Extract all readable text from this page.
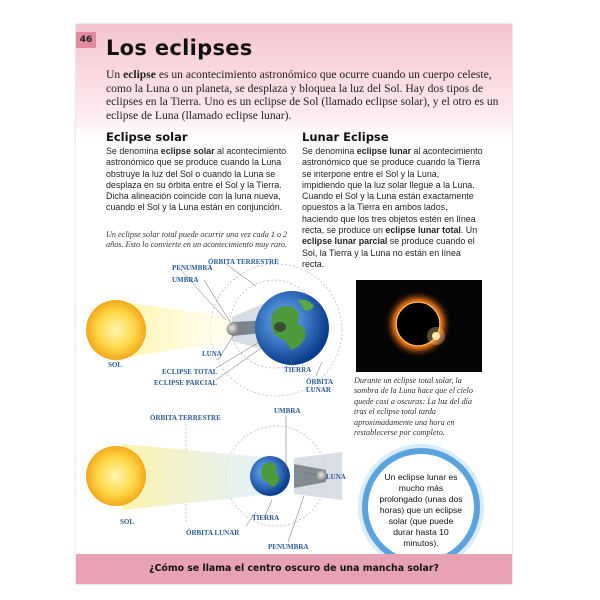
46 Los eclipses
Un eclipse es un acontecimiento astronómico que ocurre cuando un cuerpo celeste, como la Luna o un planeta, se desplaza y bloquea la luz del Sol. Hay dos tipos de eclipses en la Tierra. Uno es un eclipse de Sol (llamado eclipse solar), y el otro es un eclipse de Luna (llamado eclipse lunar).
Eclipse solar
Se denomina eclipse solar al acontecimiento astronómico que se produce cuando la Luna obstruye la luz del Sol o cuando la Luna se desplaza en su órbita entre el Sol y la Tierra. Dicha alineación coincide con la luna nueva, cuando el Sol y la Luna están en conjunción.
Un eclipse solar total puede ocurrir una vez cada 1 o 2 años. Esto lo convierte en un acontecimiento muy raro.
Lunar Eclipse
Se denomina eclipse lunar al acontecimiento astronómico que se produce cuando la Tierra se interpone entre el Sol y la Luna, impidiendo que la luz solar llegue a la Luna. Cuando el Sol y la Luna están exactamente opuestos a la Tierra en ambos lados, haciendo que los tres objetos estén en línea recta, se produce un eclipse lunar total. Un eclipse lunar parcial se produce cuando el Sol, la Tierra y la Luna no están en línea recta.
ÓRBITA TERRESTRE
PENUMBRA
UMBRA
SOL
LUNA
ECLIPSE TOTAL
ECLIPSE PARCIAL
TIERRA
ÓRBITA
LUNAR
ÓRBITA TERRESTRE
UMBRA
LUNA
SOL	TIERRA
ÓRBITA LUNAR
PENUMBRA
Durante un eclipse total solar, la sombra de la Luna hace que el cielo quede casi a oscuras: La luz del día tras el eclipse total tarda aproximadamente una hora en restablecerse por completo.
Un eclipse lunar es mucho más prolongado (unas dos horas) que un eclipse solar (que puede durar hasta 10 minutos).
¿Cómo se llama el centro oscuro de una mancha solar?
